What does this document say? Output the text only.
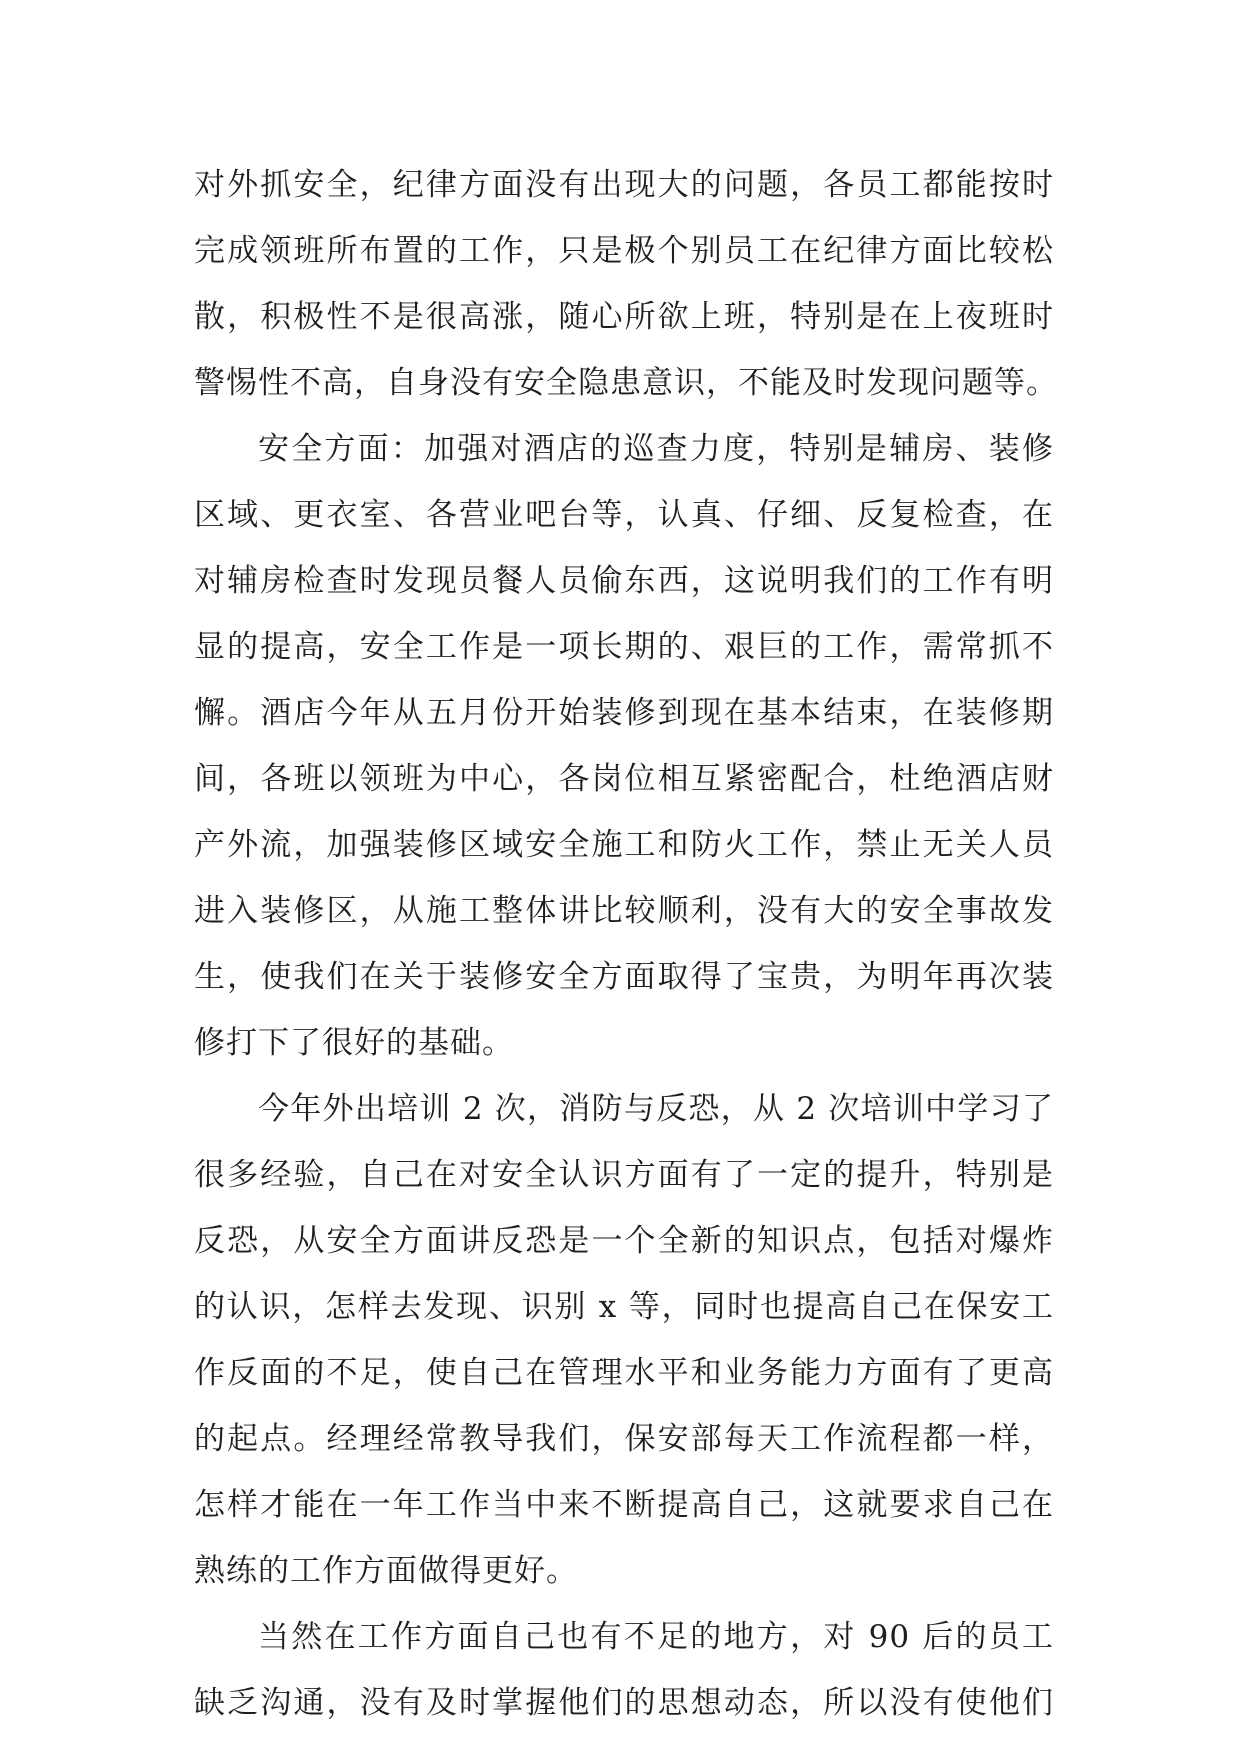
对外抓安全，纪律方面没有出现大的问题，各员工都能按时
完成领班所布置的工作，只是极个别员工在纪律方面比较松
散，积极性不是很高涨，随心所欲上班，特别是在上夜班时
警惕性不高，自身没有安全隐患意识，不能及时发现问题等。
安全方面：加强对酒店的巡查力度，特别是辅房、装修
区域、更衣室、各营业吧台等，认真、仔细、反复检查，在
对辅房检查时发现员餐人员偷东西，这说明我们的工作有明
显的提高，安全工作是一项长期的、艰巨的工作，需常抓不
懈。酒店今年从五月份开始装修到现在基本结束，在装修期
间，各班以领班为中心，各岗位相互紧密配合，杜绝酒店财
产外流，加强装修区域安全施工和防火工作，禁止无关人员
进入装修区，从施工整体讲比较顺利，没有大的安全事故发
生，使我们在关于装修安全方面取得了宝贵，为明年再次装
修打下了很好的基础。
今年外出培训 2 次，消防与反恐，从 2 次培训中学习了
很多经验，自己在对安全认识方面有了一定的提升，特别是
反恐，从安全方面讲反恐是一个全新的知识点，包括对爆炸
的认识，怎样去发现、识别 x 等，同时也提高自己在保安工
作反面的不足，使自己在管理水平和业务能力方面有了更高
的起点。经理经常教导我们，保安部每天工作流程都一样，
怎样才能在一年工作当中来不断提高自己，这就要求自己在
熟练的工作方面做得更好。
当然在工作方面自己也有不足的地方，对 90 后的员工
缺乏沟通，没有及时掌握他们的思想动态，所以没有使他们
